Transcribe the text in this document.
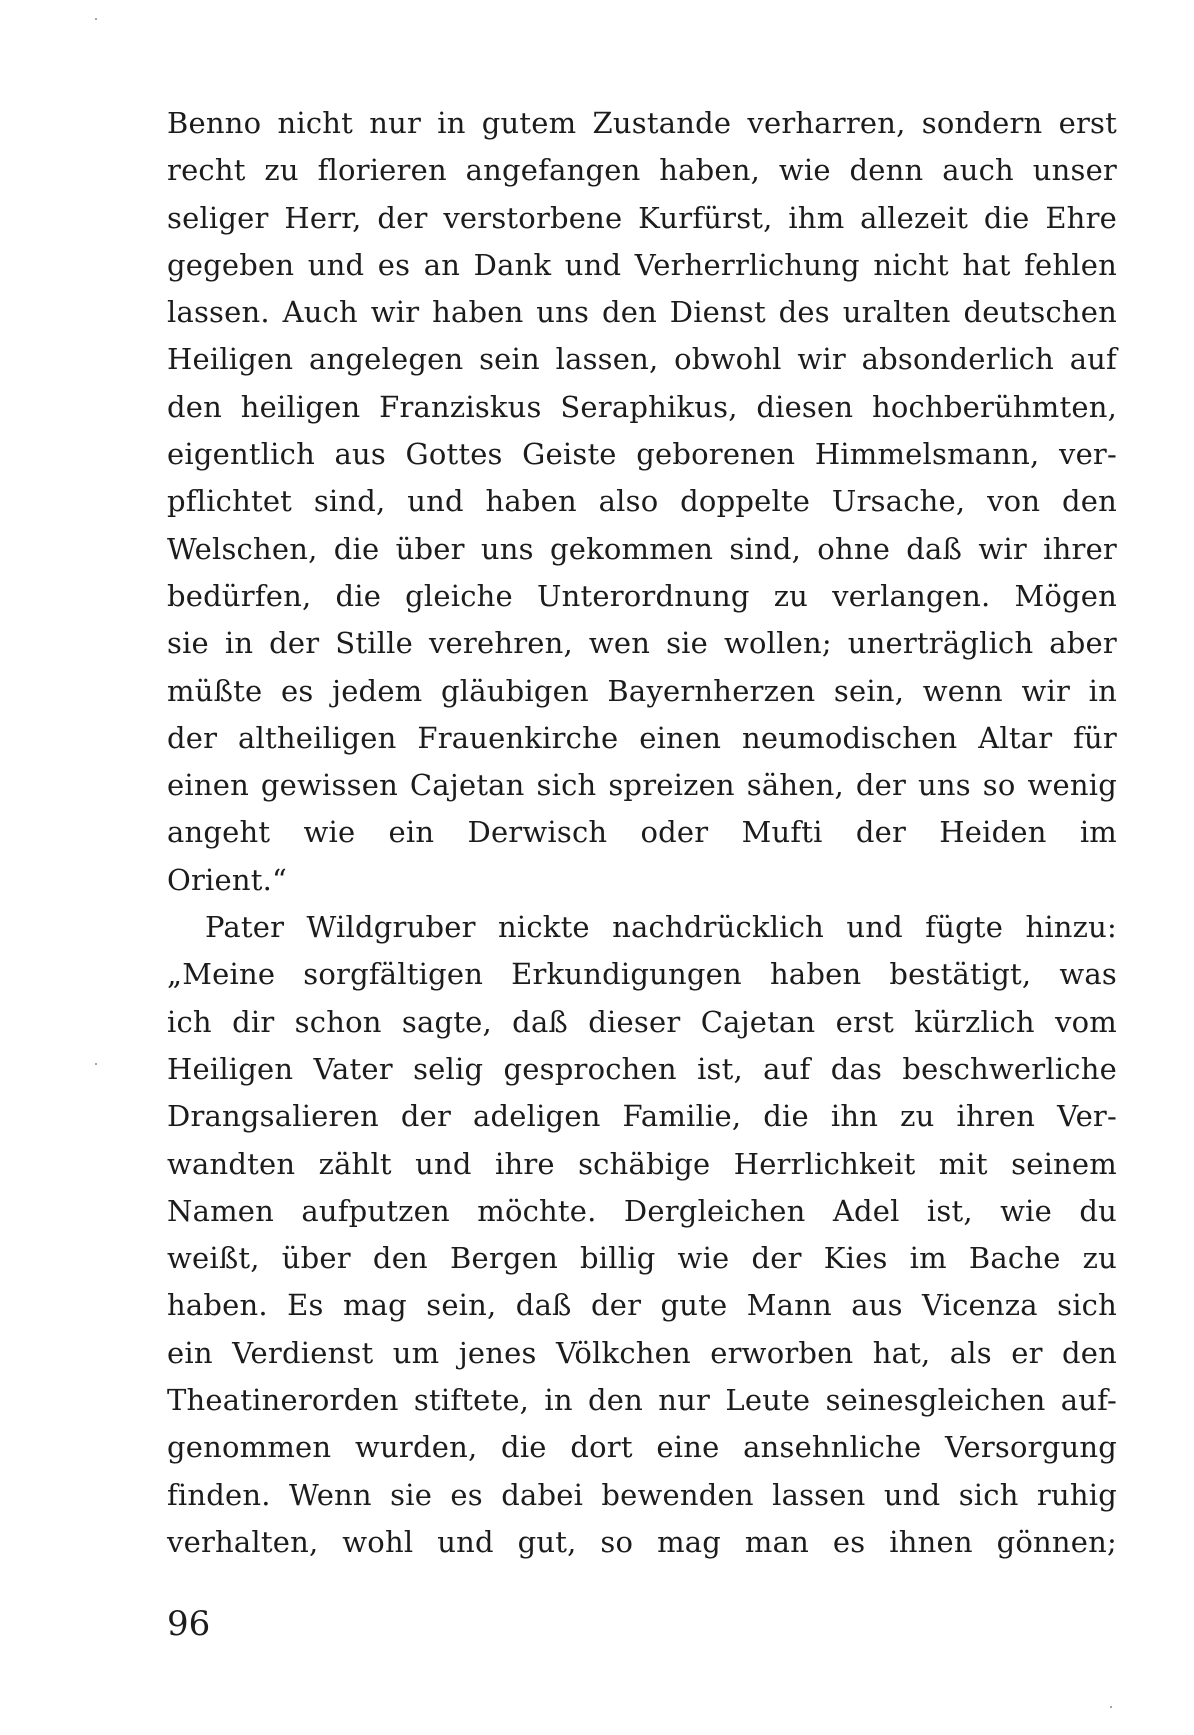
Benno nicht nur in gutem Zustande verharren, sondern erst
recht zu florieren angefangen haben, wie denn auch unser
seliger Herr, der verstorbene Kurfürst, ihm allezeit die Ehre
gegeben und es an Dank und Verherrlichung nicht hat fehlen
lassen. Auch wir haben uns den Dienst des uralten deutschen
Heiligen angelegen sein lassen, obwohl wir absonderlich auf
den heiligen Franziskus Seraphikus, diesen hochberühmten,
eigentlich aus Gottes Geiste geborenen Himmelsmann, ver-
pflichtet sind, und haben also doppelte Ursache, von den
Welschen, die über uns gekommen sind, ohne daß wir ihrer
bedürfen, die gleiche Unterordnung zu verlangen. Mögen
sie in der Stille verehren, wen sie wollen; unerträglich aber
müßte es jedem gläubigen Bayernherzen sein, wenn wir in
der altheiligen Frauenkirche einen neumodischen Altar für
einen gewissen Cajetan sich spreizen sähen, der uns so wenig
angeht wie ein Derwisch oder Mufti der Heiden im
Orient.“
Pater Wildgruber nickte nachdrücklich und fügte hinzu:
„Meine sorgfältigen Erkundigungen haben bestätigt, was
ich dir schon sagte, daß dieser Cajetan erst kürzlich vom
Heiligen Vater selig gesprochen ist, auf das beschwerliche
Drangsalieren der adeligen Familie, die ihn zu ihren Ver-
wandten zählt und ihre schäbige Herrlichkeit mit seinem
Namen aufputzen möchte. Dergleichen Adel ist, wie du
weißt, über den Bergen billig wie der Kies im Bache zu
haben. Es mag sein, daß der gute Mann aus Vicenza sich
ein Verdienst um jenes Völkchen erworben hat, als er den
Theatinerorden stiftete, in den nur Leute seinesgleichen auf-
genommen wurden, die dort eine ansehnliche Versorgung
finden. Wenn sie es dabei bewenden lassen und sich ruhig
verhalten, wohl und gut, so mag man es ihnen gönnen;
96
